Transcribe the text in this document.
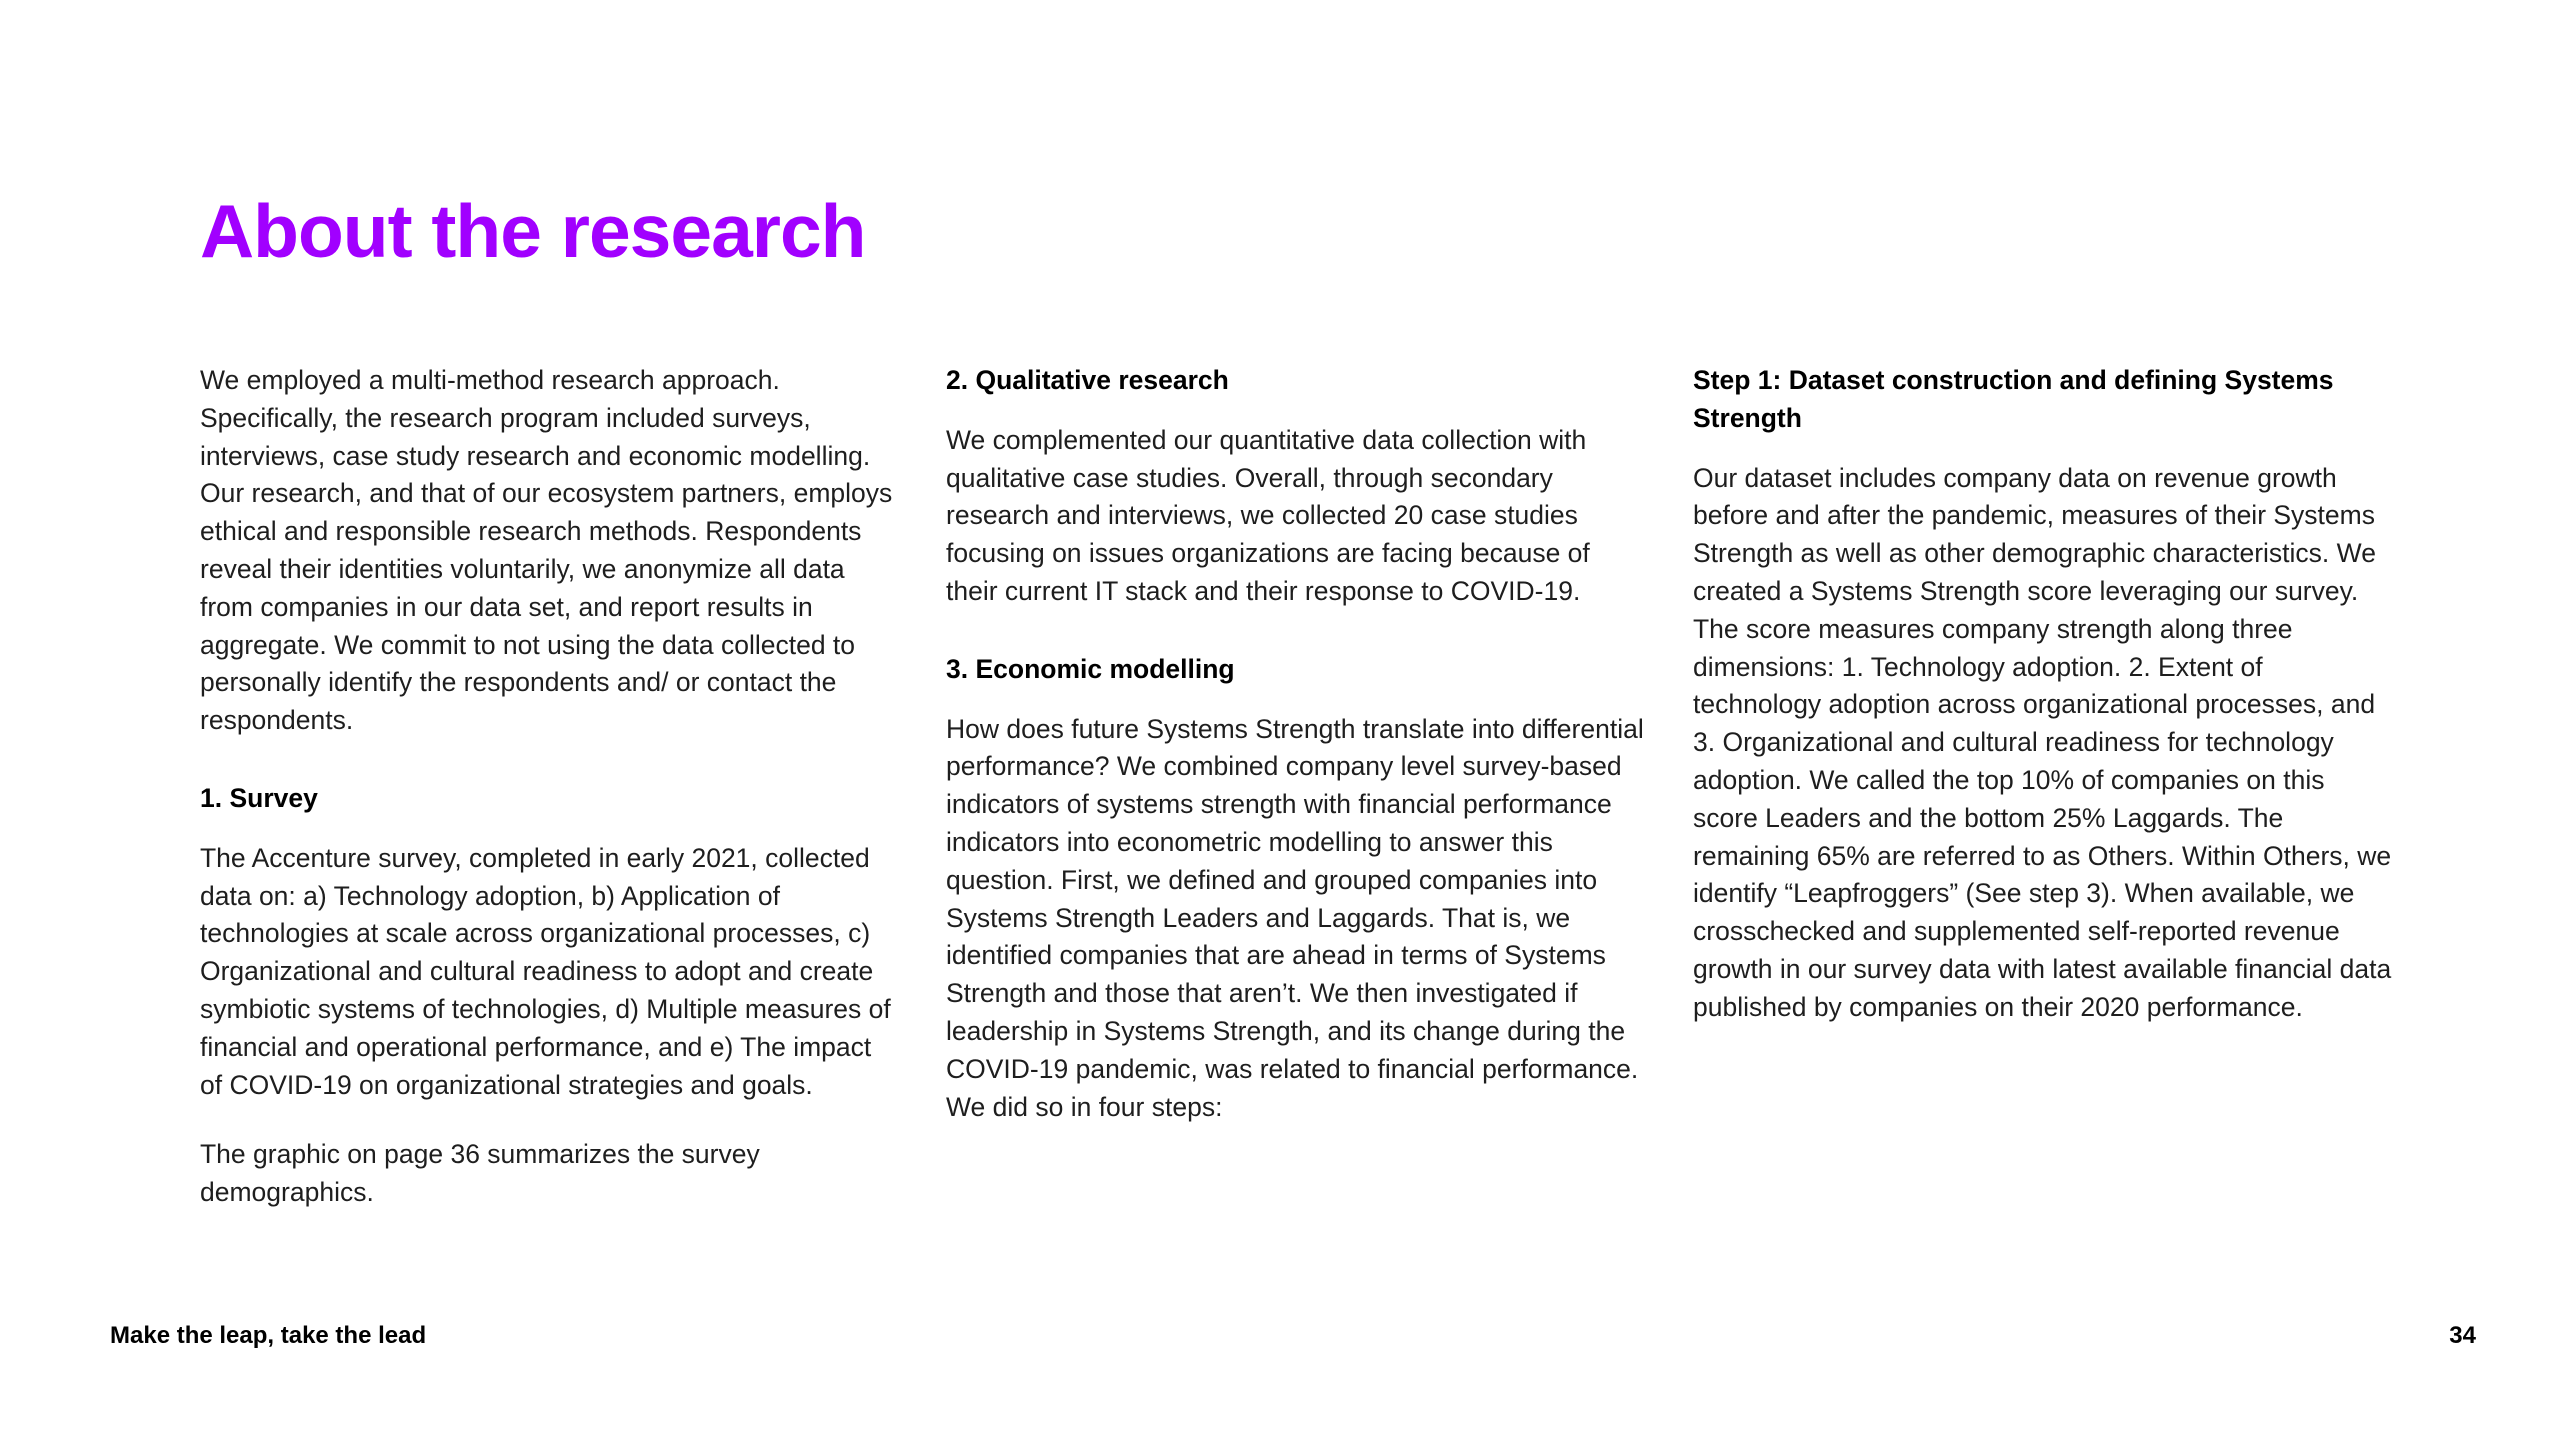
About the research

We employed a multi-method research approach. Specifically, the research program included surveys, interviews, case study research and economic modelling. Our research, and that of our ecosystem partners, employs ethical and responsible research methods. Respondents reveal their identities voluntarily, we anonymize all data from companies in our data set, and report results in aggregate. We commit to not using the data collected to personally identify the respondents and/ or contact the respondents.

1. Survey

The Accenture survey, completed in early 2021, collected data on: a) Technology adoption, b) Application of technologies at scale across organizational processes, c) Organizational and cultural readiness to adopt and create symbiotic systems of technologies, d) Multiple measures of financial and operational performance, and e) The impact of COVID-19 on organizational strategies and goals.

The graphic on page 36 summarizes the survey demographics.

2. Qualitative research

We complemented our quantitative data collection with qualitative case studies. Overall, through secondary research and interviews, we collected 20 case studies focusing on issues organizations are facing because of their current IT stack and their response to COVID-19.

3. Economic modelling

How does future Systems Strength translate into differential performance? We combined company level survey-based indicators of systems strength with financial performance indicators into econometric modelling to answer this question. First, we defined and grouped companies into Systems Strength Leaders and Laggards. That is, we identified companies that are ahead in terms of Systems Strength and those that aren’t. We then investigated if leadership in Systems Strength, and its change during the COVID-19 pandemic, was related to financial performance. We did so in four steps:

Step 1: Dataset construction and defining Systems Strength

Our dataset includes company data on revenue growth before and after the pandemic, measures of their Systems Strength as well as other demographic characteristics. We created a Systems Strength score leveraging our survey. The score measures company strength along three dimensions: 1. Technology adoption. 2. Extent of technology adoption across organizational processes, and 3. Organizational and cultural readiness for technology adoption. We called the top 10% of companies on this score Leaders and the bottom 25% Laggards. The remaining 65% are referred to as Others. Within Others, we identify “Leapfroggers” (See step 3). When available, we crosschecked and supplemented self-reported revenue growth in our survey data with latest available financial data published by companies on their 2020 performance.

Make the leap, take the lead	34
